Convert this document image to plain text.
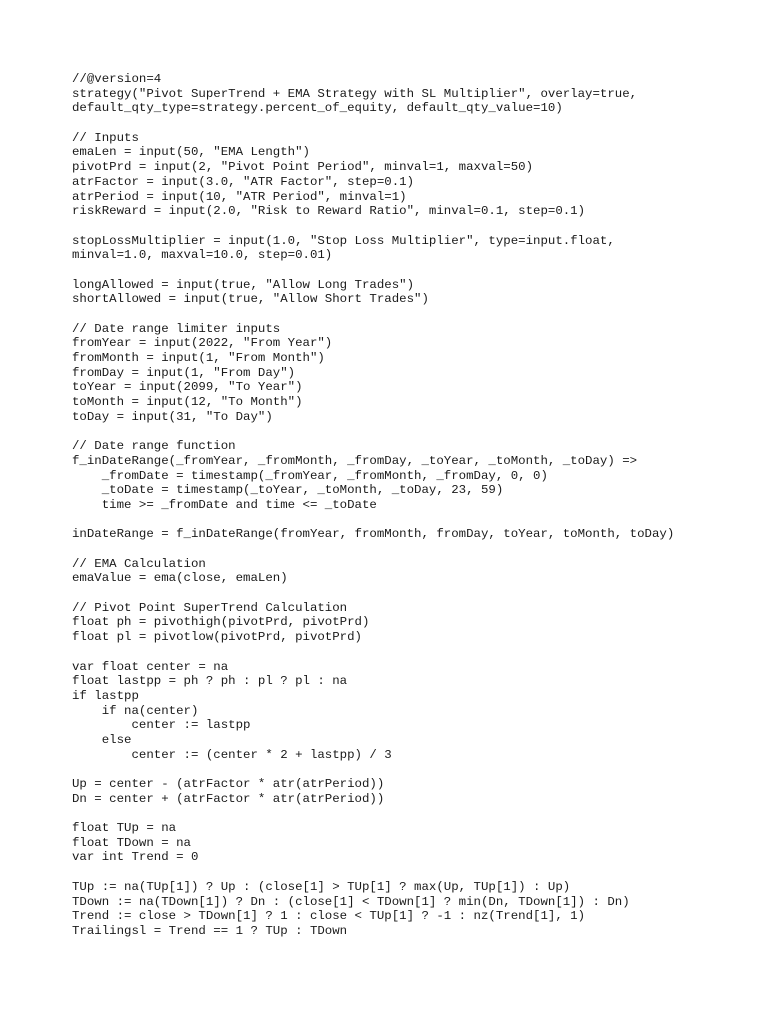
//@version=4
strategy("Pivot SuperTrend + EMA Strategy with SL Multiplier", overlay=true,
default_qty_type=strategy.percent_of_equity, default_qty_value=10)
// Inputs
emaLen = input(50, "EMA Length")
pivotPrd = input(2, "Pivot Point Period", minval=1, maxval=50)
atrFactor = input(3.0, "ATR Factor", step=0.1)
atrPeriod = input(10, "ATR Period", minval=1)
riskReward = input(2.0, "Risk to Reward Ratio", minval=0.1, step=0.1)
stopLossMultiplier = input(1.0, "Stop Loss Multiplier", type=input.float,
minval=1.0, maxval=10.0, step=0.01)
longAllowed = input(true, "Allow Long Trades")
shortAllowed = input(true, "Allow Short Trades")
// Date range limiter inputs
fromYear = input(2022, "From Year")
fromMonth = input(1, "From Month")
fromDay = input(1, "From Day")
toYear = input(2099, "To Year")
toMonth = input(12, "To Month")
toDay = input(31, "To Day")
// Date range function
f_inDateRange(_fromYear, _fromMonth, _fromDay, _toYear, _toMonth, _toDay) =>
_fromDate = timestamp(_fromYear, _fromMonth, _fromDay, 0, 0)
_toDate = timestamp(_toYear, _toMonth, _toDay, 23, 59)
time >= _fromDate and time <= _toDate
inDateRange = f_inDateRange(fromYear, fromMonth, fromDay, toYear, toMonth, toDay)
// EMA Calculation
emaValue = ema(close, emaLen)
// Pivot Point SuperTrend Calculation
float ph = pivothigh(pivotPrd, pivotPrd)
float pl = pivotlow(pivotPrd, pivotPrd)
var float center = na
float lastpp = ph ? ph : pl ? pl : na
if lastpp
if na(center)
center := lastpp
else
center := (center * 2 + lastpp) / 3
Up = center - (atrFactor * atr(atrPeriod))
Dn = center + (atrFactor * atr(atrPeriod))
float TUp = na
float TDown = na
var int Trend = 0
TUp := na(TUp[1]) ? Up : (close[1] > TUp[1] ? max(Up, TUp[1]) : Up)
TDown := na(TDown[1]) ? Dn : (close[1] < TDown[1] ? min(Dn, TDown[1]) : Dn)
Trend := close > TDown[1] ? 1 : close < TUp[1] ? -1 : nz(Trend[1], 1)
Trailingsl = Trend == 1 ? TUp : TDown
